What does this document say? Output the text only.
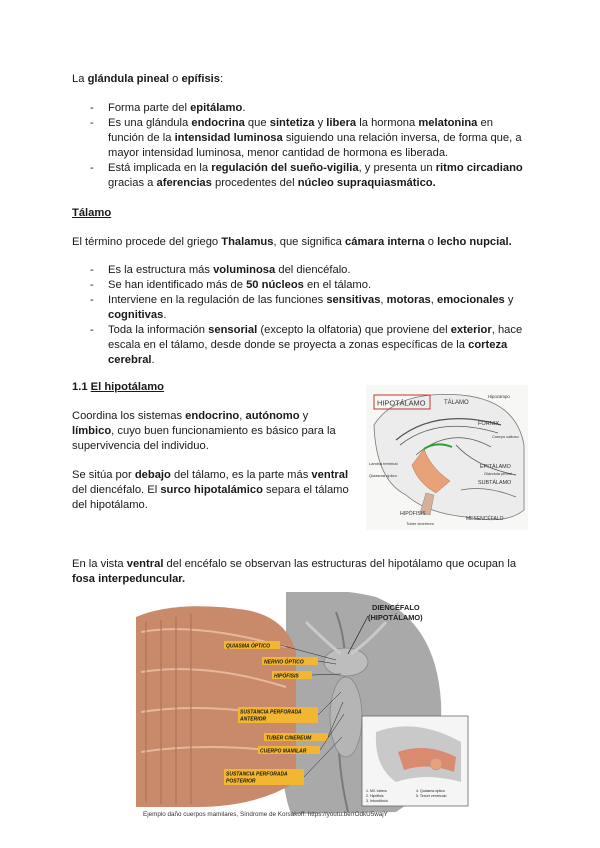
La glándula pineal o epífisis:

- Forma parte del epitálamo.
- Es una glándula endocrina que sintetiza y libera la hormona melatonina en función de la intensidad luminosa siguiendo una relación inversa, de forma que, a mayor intensidad luminosa, menor cantidad de hormona es liberada.
- Está implicada en la regulación del sueño-vigilia, y presenta un ritmo circadiano gracias a aferencias procedentes del núcleo supraquiasmático.

Tálamo

El término procede del griego Thalamus, que significa cámara interna o lecho nupcial.

- Es la estructura más voluminosa del diencéfalo.
- Se han identificado más de 50 núcleos en el tálamo.
- Interviene en la regulación de las funciones sensitivas, motoras, emocionales y cognitivas.
- Toda la información sensorial (excepto la olfatoria) que proviene del exterior, hace escala en el tálamo, desde donde se proyecta a zonas específicas de la corteza cerebral.

1.1 El hipotálamo

Coordina los sistemas endocrino, autónomo y límbico, cuyo buen funcionamiento es básico para la supervivencia del individuo.

Se sitúa por debajo del tálamo, es la parte más ventral del diencéfalo. El surco hipotalámico separa el tálamo del hipotálamo.

HIPOTÁLAMO	TÁLAMO
Hipocampo
FORNIX
Cuerpo calloso
Lamina terminal
Quiasma óptico
EPITÁLAMO
Glándula pineal
SUBTÁLAMO
HIPÓFISIS
MESENCÉFALO
Tuber cinereum

En la vista ventral del encéfalo se observan las estructuras del hipotálamo que ocupan la fosa interpeduncular.

DIENCÉFALO
(HIPOTÁLAMO)
QUIASMA ÓPTICO
NERVIO ÓPTICO
HIPÓFISIS
SUSTANCIA PERFORADA
ANTERIOR
TUBER CINEREUM
CUERPO MAMILAR
SUSTANCIA PERFORADA
POSTERIOR
1. Mil. tubero
2. Hipófisis
3. Infundíbulo
4. Quiasma óptico
5. Tercer ventrículo
Ejemplo daño cuerpos mamilares, Síndrome de Korsakoff: https://youtu.be/rOdkU5wajY
